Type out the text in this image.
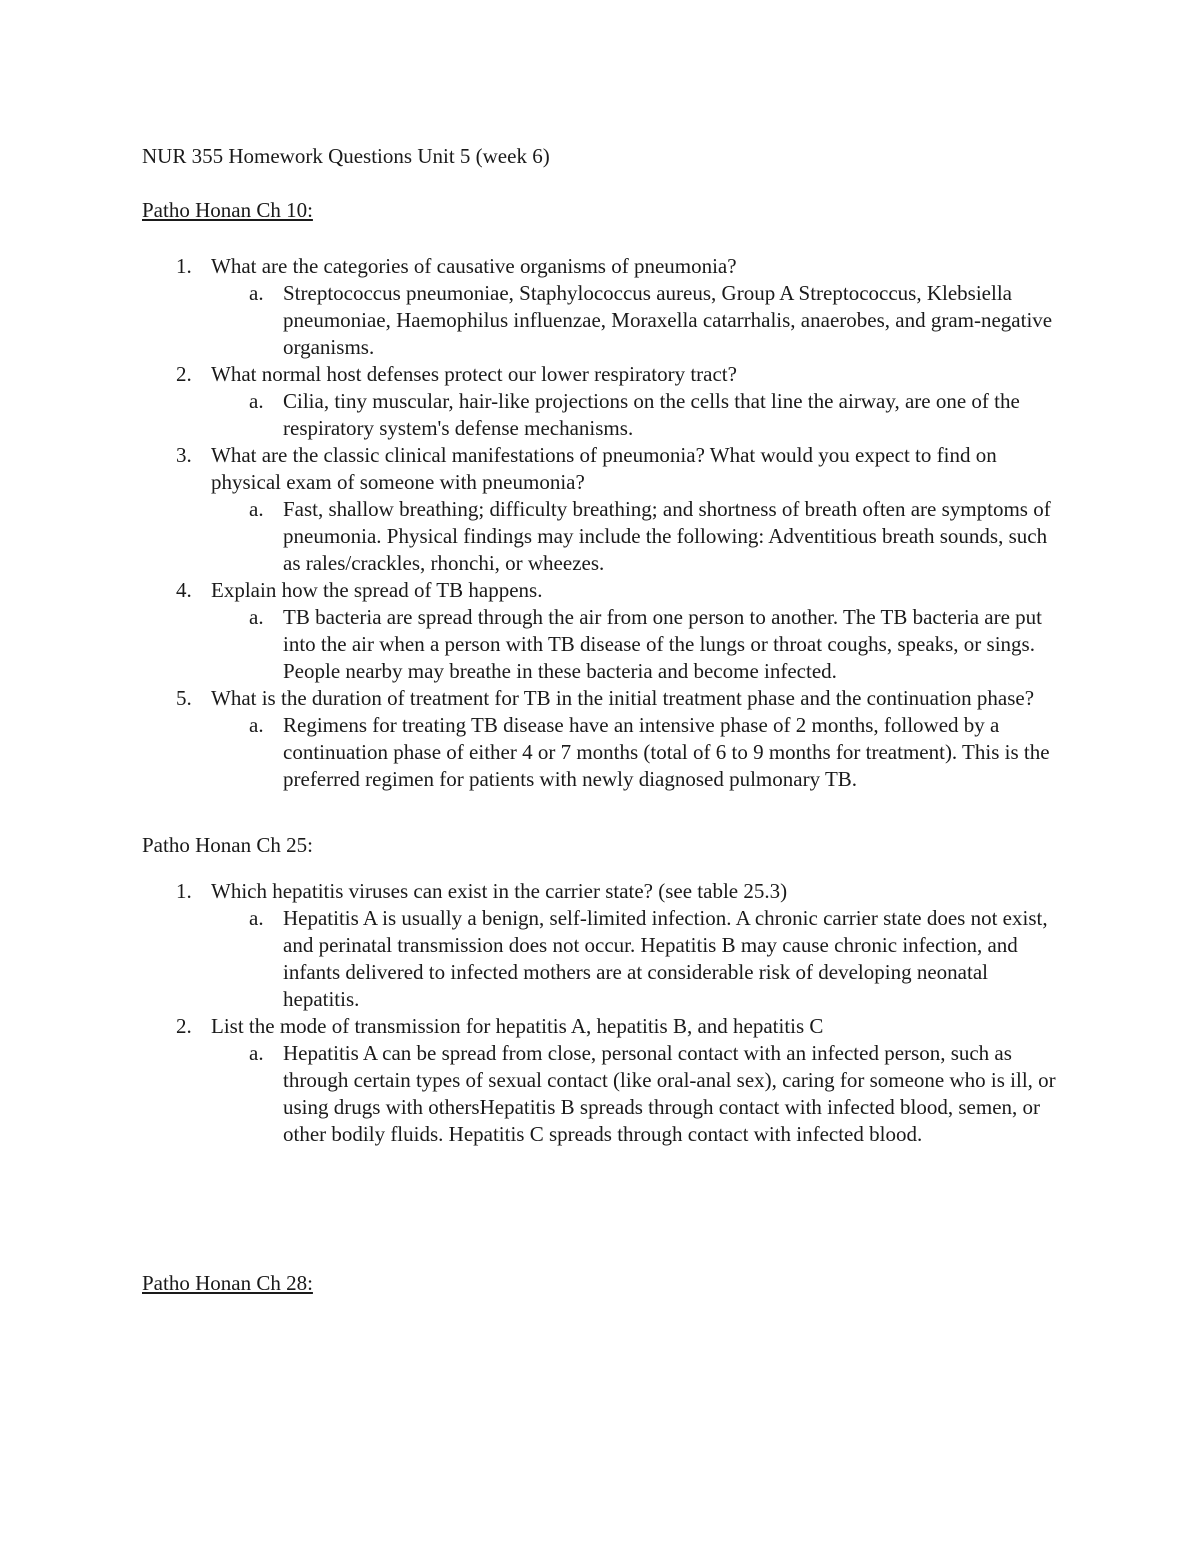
NUR 355 Homework Questions Unit 5 (week 6)

Patho Honan Ch 10:

1. What are the categories of causative organisms of pneumonia?
a. Streptococcus pneumoniae, Staphylococcus aureus, Group A Streptococcus, Klebsiella pneumoniae, Haemophilus influenzae, Moraxella catarrhalis, anaerobes, and gram-negative organisms.
2. What normal host defenses protect our lower respiratory tract?
a. Cilia, tiny muscular, hair-like projections on the cells that line the airway, are one of the respiratory system's defense mechanisms.
3. What are the classic clinical manifestations of pneumonia? What would you expect to find on physical exam of someone with pneumonia?
a. Fast, shallow breathing; difficulty breathing; and shortness of breath often are symptoms of pneumonia. Physical findings may include the following: Adventitious breath sounds, such as rales/crackles, rhonchi, or wheezes.
4. Explain how the spread of TB happens.
a. TB bacteria are spread through the air from one person to another. The TB bacteria are put into the air when a person with TB disease of the lungs or throat coughs, speaks, or sings. People nearby may breathe in these bacteria and become infected.
5. What is the duration of treatment for TB in the initial treatment phase and the continuation phase?
a. Regimens for treating TB disease have an intensive phase of 2 months, followed by a continuation phase of either 4 or 7 months (total of 6 to 9 months for treatment). This is the preferred regimen for patients with newly diagnosed pulmonary TB.

Patho Honan Ch 25:

1. Which hepatitis viruses can exist in the carrier state? (see table 25.3)
a. Hepatitis A is usually a benign, self-limited infection. A chronic carrier state does not exist, and perinatal transmission does not occur. Hepatitis B may cause chronic infection, and infants delivered to infected mothers are at considerable risk of developing neonatal hepatitis.
2. List the mode of transmission for hepatitis A, hepatitis B, and hepatitis C
a. Hepatitis A can be spread from close, personal contact with an infected person, such as through certain types of sexual contact (like oral-anal sex), caring for someone who is ill, or using drugs with othersHepatitis B spreads through contact with infected blood, semen, or other bodily fluids. Hepatitis C spreads through contact with infected blood.

Patho Honan Ch 28:
